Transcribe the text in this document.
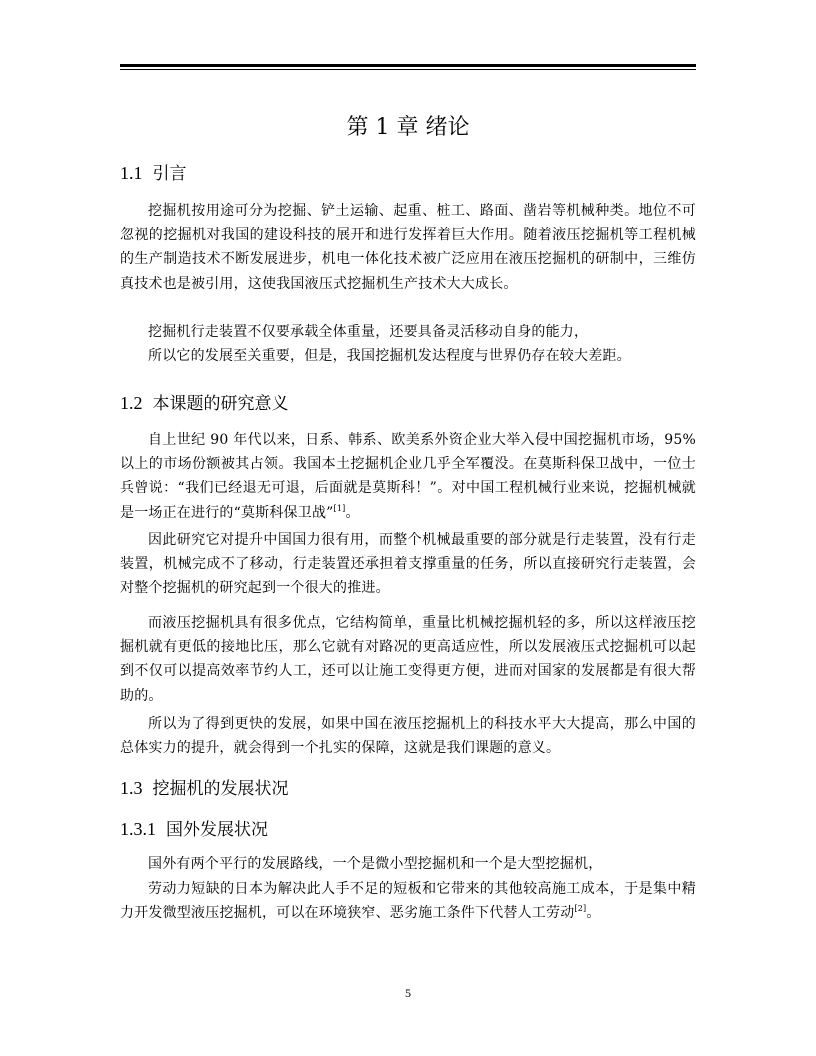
第 1 章 绪论
1.1 引言
挖掘机按用途可分为挖掘、铲土运输、起重、桩工、路面、凿岩等机械种类。地位不可忽视的挖掘机对我国的建设科技的展开和进行发挥着巨大作用。随着液压挖掘机等工程机械的生产制造技术不断发展进步，机电一体化技术被广泛应用在液压挖掘机的研制中，三维仿真技术也是被引用，这使我国液压式挖掘机生产技术大大成长。
挖掘机行走装置不仅要承载全体重量，还要具备灵活移动自身的能力，
所以它的发展至关重要，但是，我国挖掘机发达程度与世界仍存在较大差距。
1.2 本课题的研究意义
自上世纪 90 年代以来，日系、韩系、欧美系外资企业大举入侵中国挖掘机市场，95%以上的市场份额被其占领。我国本土挖掘机企业几乎全军覆没。在莫斯科保卫战中，一位士兵曾说：“我们已经退无可退，后面就是莫斯科！”。对中国工程机械行业来说，挖掘机械就是一场正在进行的“莫斯科保卫战”[1]。
因此研究它对提升中国国力很有用，而整个机械最重要的部分就是行走装置，没有行走装置，机械完成不了移动，行走装置还承担着支撑重量的任务，所以直接研究行走装置，会对整个挖掘机的研究起到一个很大的推进。
而液压挖掘机具有很多优点，它结构简单，重量比机械挖掘机轻的多，所以这样液压挖掘机就有更低的接地比压，那么它就有对路况的更高适应性，所以发展液压式挖掘机可以起到不仅可以提高效率节约人工，还可以让施工变得更方便，进而对国家的发展都是有很大帮助的。
所以为了得到更快的发展，如果中国在液压挖掘机上的科技水平大大提高，那么中国的总体实力的提升，就会得到一个扎实的保障，这就是我们课题的意义。
1.3 挖掘机的发展状况
1.3.1 国外发展状况
国外有两个平行的发展路线，一个是微小型挖掘机和一个是大型挖掘机，
劳动力短缺的日本为解决此人手不足的短板和它带来的其他较高施工成本，于是集中精力开发微型液压挖掘机，可以在环境狭窄、恶劣施工条件下代替人工劳动[2]。
5
